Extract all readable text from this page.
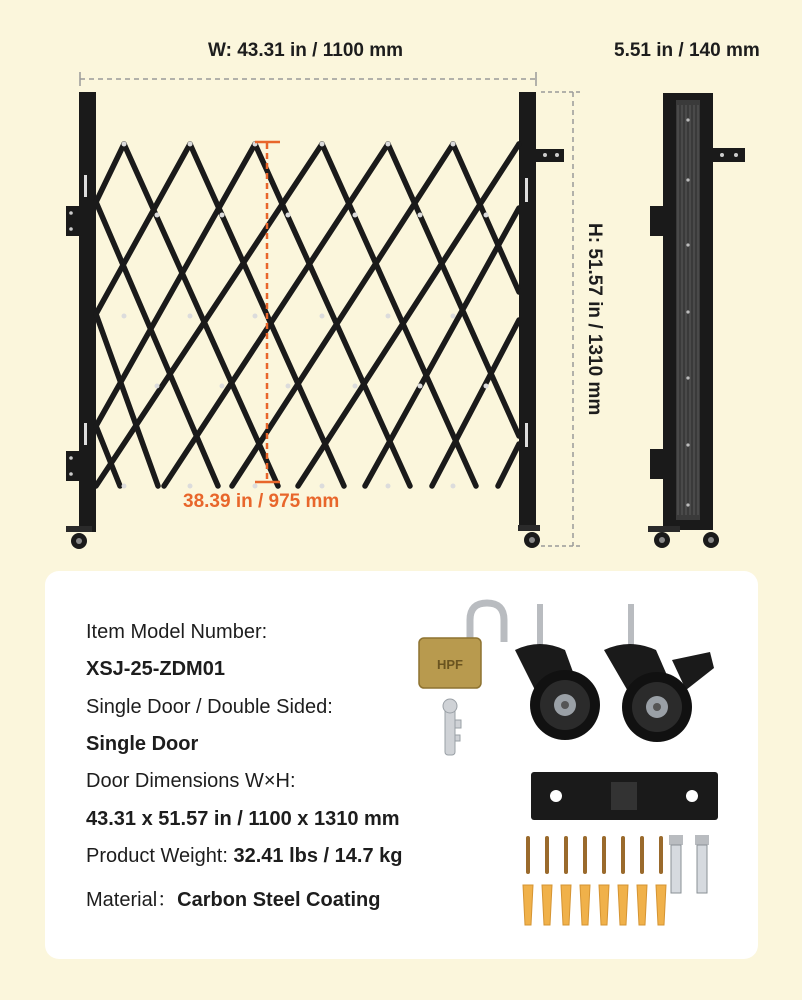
W: 43.31 in / 1100 mm	5.51 in / 140 mm
H: 51.57 in / 1310 mm
38.39 in / 975 mm
Item Model Number:
XSJ-25-ZDM01
Single Door / Double Sided:
Single Door
Door Dimensions W×H:
43.31 x 51.57 in / 1100 x 1310 mm
Product Weight: 32.41 lbs / 14.7 kg
Material：Carbon Steel Coating
HPF
